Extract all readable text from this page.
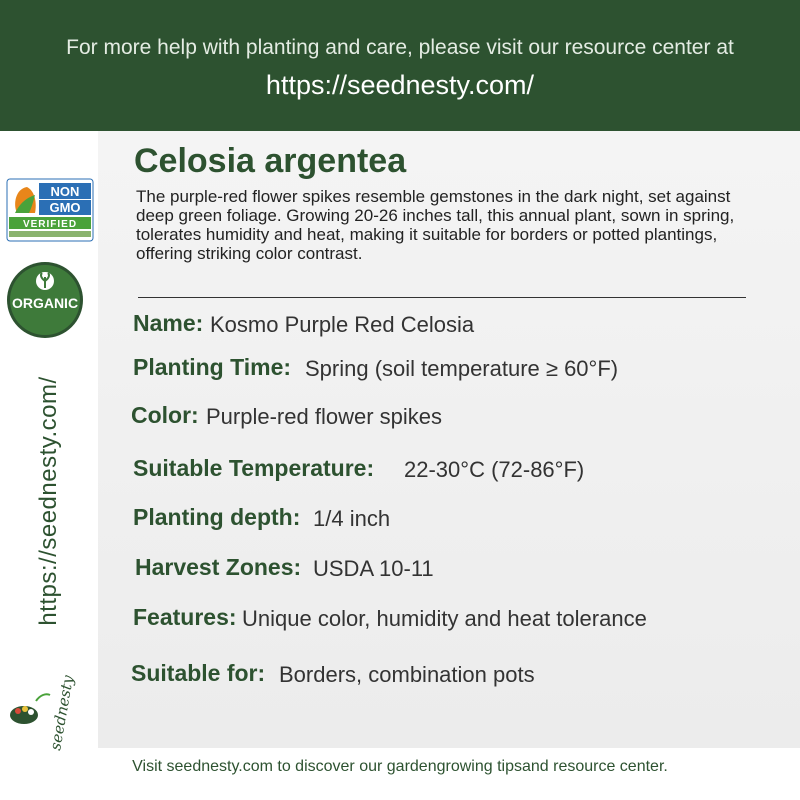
For more help with planting and care, please visit our resource center at
https://seednesty.com/
NON
GMO
VERIFIED
ORGANIC
https://seednesty.com/
seednesty
Celosia argentea
The purple-red flower spikes resemble gemstones in the dark night, set against deep green foliage. Growing 20-26 inches tall, this annual plant, sown in spring, tolerates humidity and heat, making it suitable for borders or potted plantings, offering striking color contrast.
Name: Kosmo Purple Red Celosia
Planting Time: Spring (soil temperature ≥ 60°F)
Color: Purple-red flower spikes
Suitable Temperature: 22-30°C (72-86°F)
Planting depth: 1/4 inch
Harvest Zones: USDA 10-11
Features: Unique color, humidity and heat tolerance
Suitable for: Borders, combination pots
Visit seednesty.com to discover our gardengrowing tipsand resource center.
